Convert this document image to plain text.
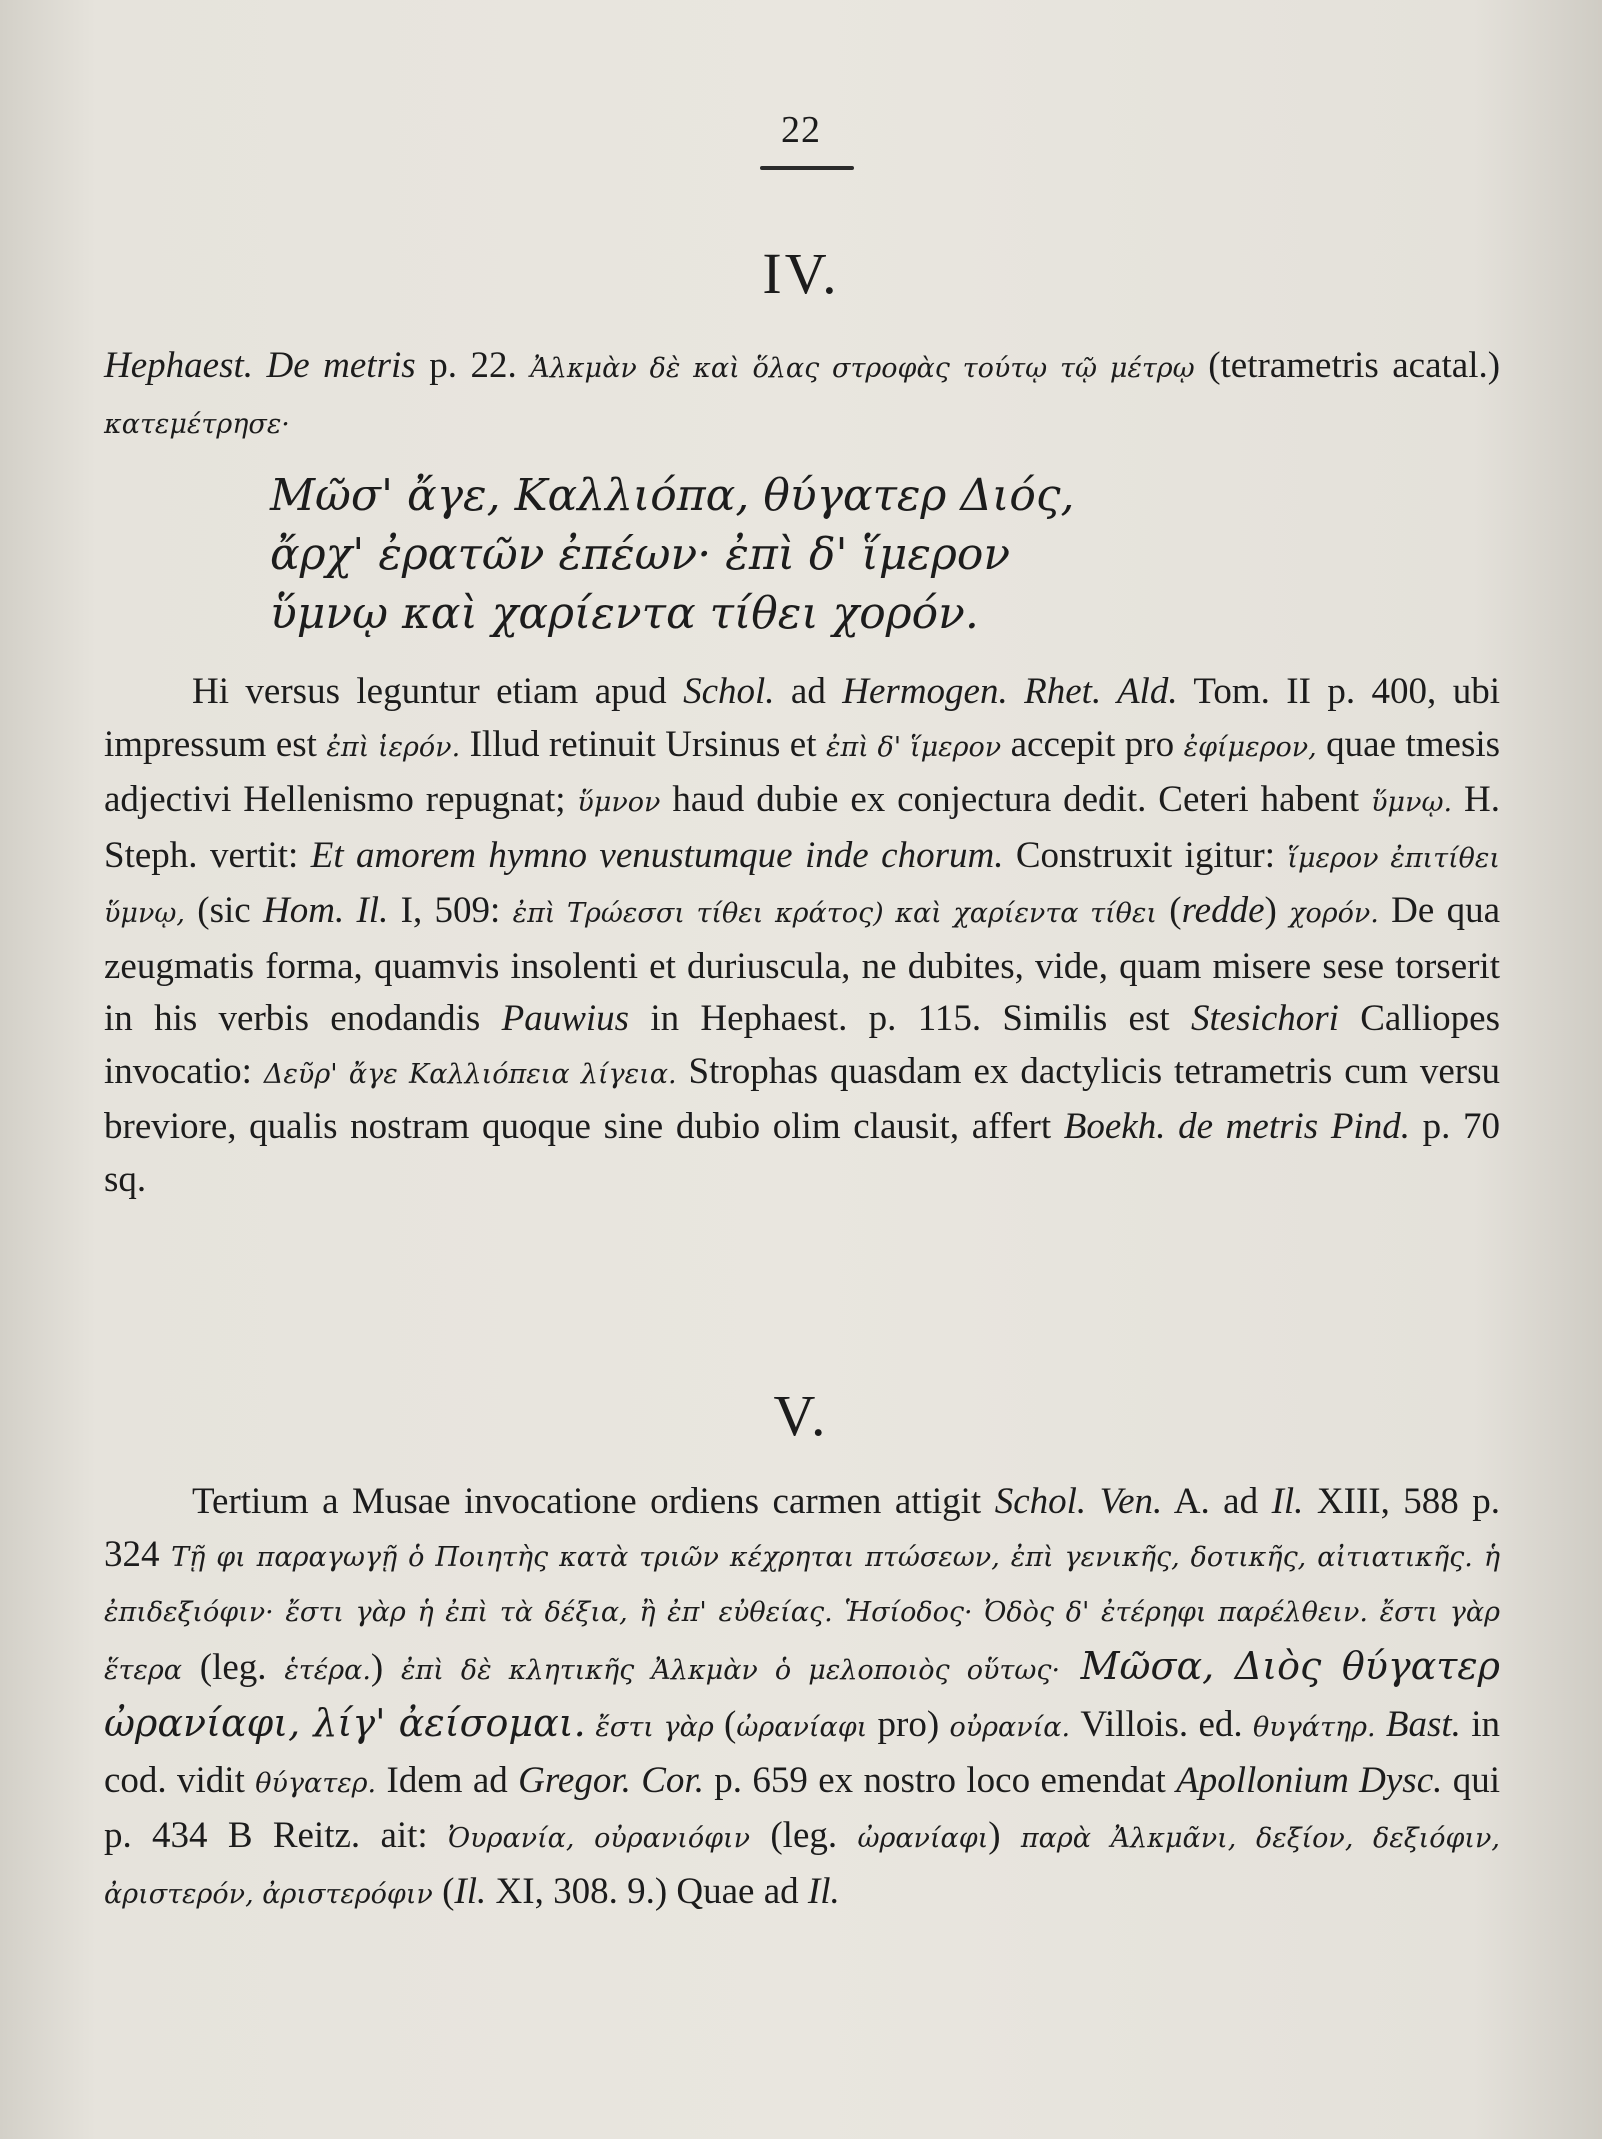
22
IV.

Hephaest. De metris p. 22. Ἀλκμὰν δὲ καὶ ὅλας στροφὰς τούτῳ τῷ μέτρῳ (tetrametris acatal.) κατεμέτρησε·

Μῶσ' ἄγε, Καλλιόπα, θύγατερ Διός,
ἄρχ' ἐρατῶν ἐπέων· ἐπὶ δ' ἵμερον
ὕμνῳ καὶ χαρίεντα τίθει χορόν.

Hi versus leguntur etiam apud Schol. ad Hermogen. Rhet. Ald. Tom. II p. 400, ubi impressum est ἐπὶ ἱερόν. Illud retinuit Ursinus et ἐπὶ δ' ἵμερον accepit pro ἐφίμερον, quae tmesis adjectivi Hellenismo repugnat; ὕμνον haud dubie ex conjectura dedit. Ceteri habent ὕμνῳ. H. Steph. vertit: Et amorem hymno venustumque inde chorum. Construxit igitur: ἵμερον ἐπιτίθει ὕμνῳ, (sic Hom. Il. I, 509: ἐπὶ Τρώεσσι τίθει κράτος) καὶ χαρίεντα τίθει (redde) χορόν. De qua zeugmatis forma, quamvis insolenti et duriuscula, ne dubites, vide, quam misere sese torserit in his verbis enodandis Pauwius in Hephaest. p. 115. Similis est Stesichori Calliopes invocatio: Δεῦρ' ἄγε Καλλιόπεια λίγεια. Strophas quasdam ex dactylicis tetrametris cum versu breviore, qualis nostram quoque sine dubio olim clausit, affert Boekh. de metris Pind. p. 70 sq.

V.

Tertium a Musae invocatione ordiens carmen attigit Schol. Ven. A. ad Il. XIII, 588 p. 324 Τῇ φι παραγωγῇ ὁ Ποιητὴς κατὰ τριῶν κέχρηται πτώσεων, ἐπὶ γενικῆς, δοτικῆς, αἰτιατικῆς. ἡ ἐπιδεξιόφιν· ἔστι γὰρ ἡ ἐπὶ τὰ δέξια, ἢ ἐπ' εὐθείας. Ἡσίοδος· Ὀδὸς δ' ἐτέρηφι παρέλθειν. ἔστι γὰρ ἕτερα (leg. ἑτέρα.) ἐπὶ δὲ κλητικῆς Ἀλκμὰν ὁ μελοποιὸς οὕτως· Μῶσα, Διὸς θύγατερ ὠρανίαφι, λίγ' ἀείσομαι. ἔστι γὰρ (ὠρανίαφι pro) οὐρανία. Villois. ed. θυγάτηρ. Bast. in cod. vidit θύγατερ. Idem ad Gregor. Cor. p. 659 ex nostro loco emendat Apollonium Dysc. qui p. 434 B Reitz. ait: Ὀυρανία, οὐρανιόφιν (leg. ὠρανίαφι) παρὰ Ἀλκμᾶνι, δεξίον, δεξιόφιν, ἀριστερόν, ἀριστερόφιν (Il. XI, 308. 9.) Quae ad Il.
